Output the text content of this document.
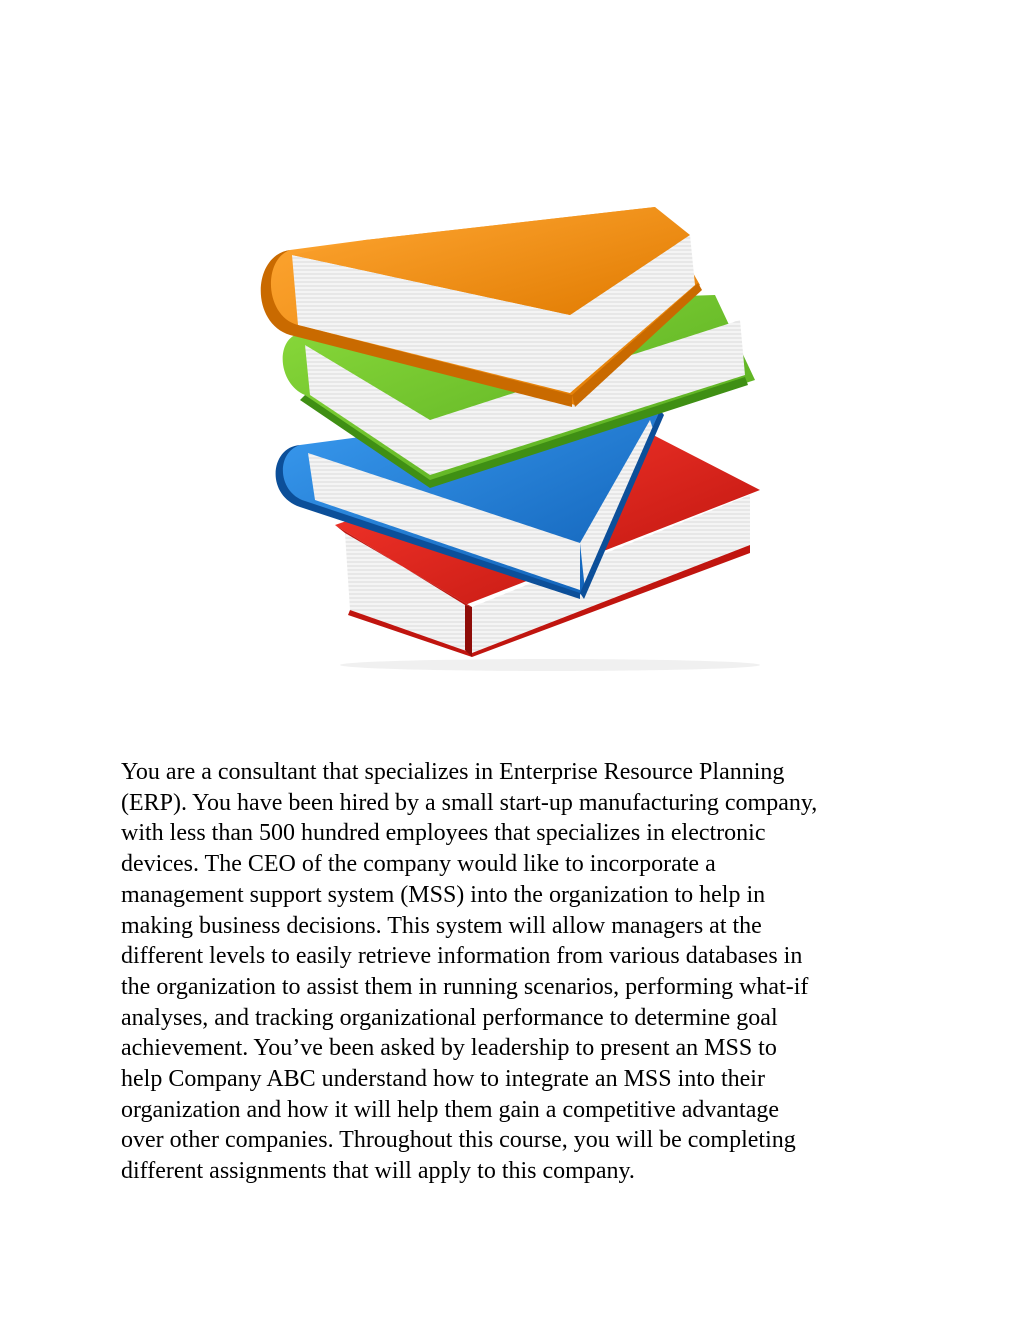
You are a consultant that specializes in Enterprise Resource Planning
(ERP). You have been hired by a small start-up manufacturing company,
with less than 500 hundred employees that specializes in electronic
devices. The CEO of the company would like to incorporate a
management support system (MSS) into the organization to help in
making business decisions. This system will allow managers at the
different levels to easily retrieve information from various databases in
the organization to assist them in running scenarios, performing what-if
analyses, and tracking organizational performance to determine goal
achievement. You’ve been asked by leadership to present an MSS to
help Company ABC understand how to integrate an MSS into their
organization and how it will help them gain a competitive advantage
over other companies. Throughout this course, you will be completing
different assignments that will apply to this company.
